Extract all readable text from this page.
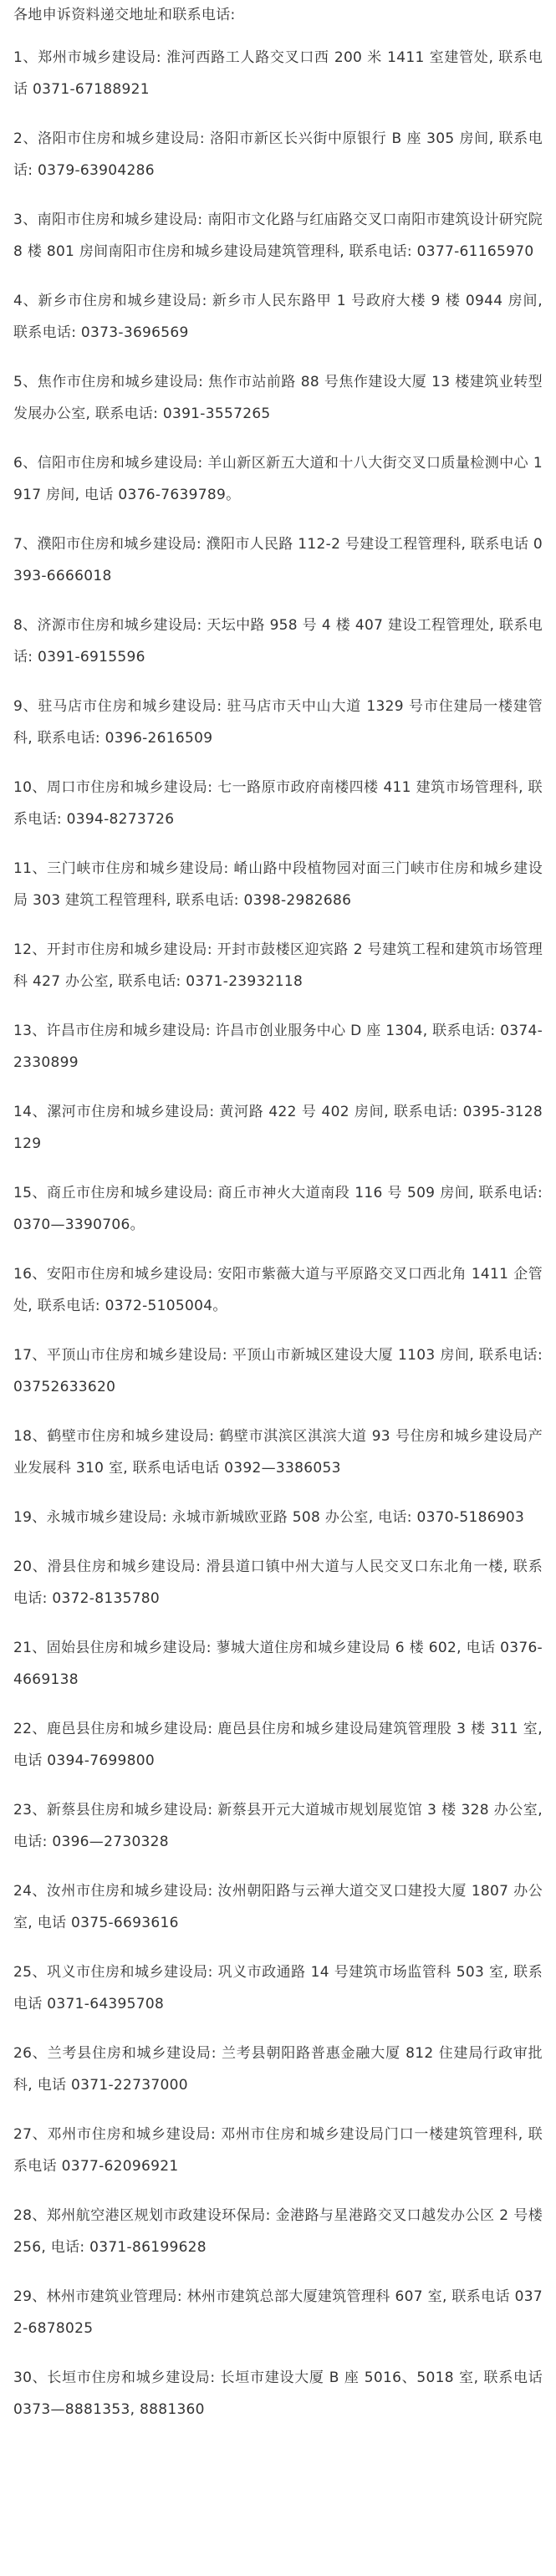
各地申诉资料递交地址和联系电话:

1、郑州市城乡建设局: 淮河西路工人路交叉口西 200 米 1411 室建管处, 联系电话 0371-67188921
2、洛阳市住房和城乡建设局: 洛阳市新区长兴街中原银行 B 座 305 房间, 联系电话: 0379-63904286
3、南阳市住房和城乡建设局: 南阳市文化路与红庙路交叉口南阳市建筑设计研究院 8 楼 801 房间南阳市住房和城乡建设局建筑管理科, 联系电话: 0377-61165970
4、新乡市住房和城乡建设局: 新乡市人民东路甲 1 号政府大楼 9 楼 0944 房间, 联系电话: 0373-3696569
5、焦作市住房和城乡建设局: 焦作市站前路 88 号焦作建设大厦 13 楼建筑业转型发展办公室, 联系电话: 0391-3557265
6、信阳市住房和城乡建设局: 羊山新区新五大道和十八大街交叉口质量检测中心 1917 房间, 电话 0376-7639789。
7、濮阳市住房和城乡建设局: 濮阳市人民路 112-2 号建设工程管理科, 联系电话 0393-6666018
8、济源市住房和城乡建设局: 天坛中路 958 号 4 楼 407 建设工程管理处, 联系电话: 0391-6915596
9、驻马店市住房和城乡建设局: 驻马店市天中山大道 1329 号市住建局一楼建管科, 联系电话: 0396-2616509
10、周口市住房和城乡建设局: 七一路原市政府南楼四楼 411 建筑市场管理科, 联系电话: 0394-8273726
11、三门峡市住房和城乡建设局: 崤山路中段植物园对面三门峡市住房和城乡建设局 303 建筑工程管理科, 联系电话: 0398-2982686
12、开封市住房和城乡建设局: 开封市鼓楼区迎宾路 2 号建筑工程和建筑市场管理科 427 办公室, 联系电话: 0371-23932118
13、许昌市住房和城乡建设局: 许昌市创业服务中心 D 座 1304, 联系电话: 0374-2330899
14、漯河市住房和城乡建设局: 黄河路 422 号 402 房间, 联系电话: 0395-3128129
15、商丘市住房和城乡建设局: 商丘市神火大道南段 116 号 509 房间, 联系电话: 0370—3390706。
16、安阳市住房和城乡建设局: 安阳市紫薇大道与平原路交叉口西北角 1411 企管处, 联系电话: 0372-5105004。
17、平顶山市住房和城乡建设局: 平顶山市新城区建设大厦 1103 房间, 联系电话: 03752633620
18、鹤壁市住房和城乡建设局: 鹤壁市淇滨区淇滨大道 93 号住房和城乡建设局产业发展科 310 室, 联系电话电话 0392—3386053
19、永城市城乡建设局: 永城市新城欧亚路 508 办公室, 电话: 0370-5186903
20、滑县住房和城乡建设局: 滑县道口镇中州大道与人民交叉口东北角一楼, 联系电话: 0372-8135780
21、固始县住房和城乡建设局: 蓼城大道住房和城乡建设局 6 楼 602, 电话 0376-4669138
22、鹿邑县住房和城乡建设局: 鹿邑县住房和城乡建设局建筑管理股 3 楼 311 室, 电话 0394-7699800
23、新蔡县住房和城乡建设局: 新蔡县开元大道城市规划展览馆 3 楼 328 办公室, 电话: 0396—2730328
24、汝州市住房和城乡建设局: 汝州朝阳路与云禅大道交叉口建投大厦 1807 办公室, 电话 0375-6693616
25、巩义市住房和城乡建设局: 巩义市政通路 14 号建筑市场监管科 503 室, 联系电话 0371-64395708
26、兰考县住房和城乡建设局: 兰考县朝阳路普惠金融大厦 812 住建局行政审批科, 电话 0371-22737000
27、邓州市住房和城乡建设局: 邓州市住房和城乡建设局门口一楼建筑管理科, 联系电话 0377-62096921
28、郑州航空港区规划市政建设环保局: 金港路与星港路交叉口越发办公区 2 号楼 256, 电话: 0371-86199628
29、林州市建筑业管理局: 林州市建筑总部大厦建筑管理科 607 室, 联系电话 0372-6878025
30、长垣市住房和城乡建设局: 长垣市建设大厦 B 座 5016、5018 室, 联系电话 0373—8881353, 8881360
